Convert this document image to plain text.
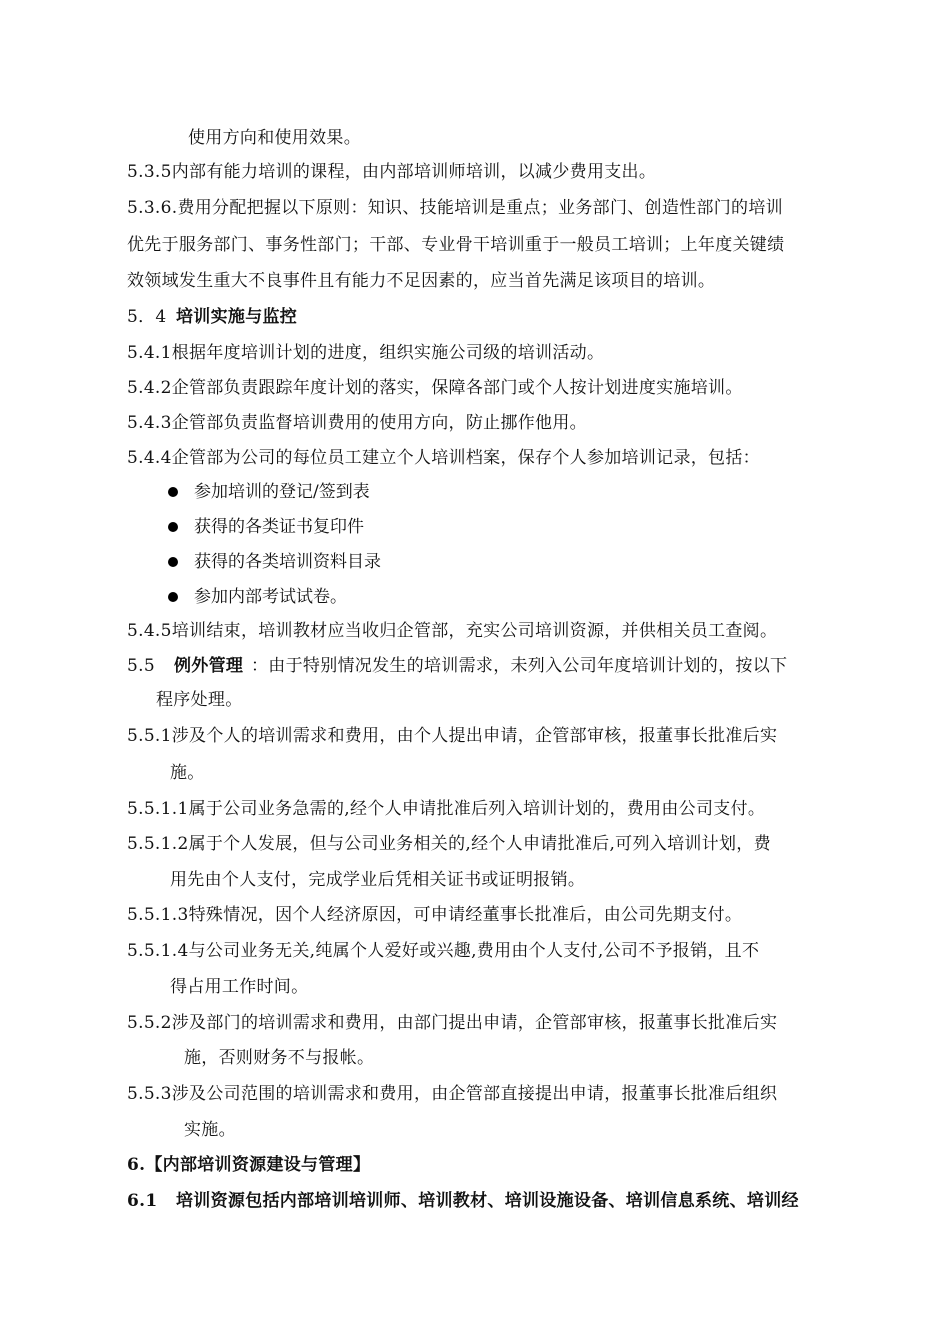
使用方向和使用效果。
5.3.5内部有能力培训的课程，由内部培训师培训，以减少费用支出。
5.3.6.费用分配把握以下原则：知识、技能培训是重点；业务部门、创造性部门的培训
优先于服务部门、事务性部门；干部、专业骨干培训重于一般员工培训；上年度关键绩
效领域发生重大不良事件且有能力不足因素的，应当首先满足该项目的培训。
5．4 培训实施与监控
5.4.1根据年度培训计划的进度，组织实施公司级的培训活动。
5.4.2企管部负责跟踪年度计划的落实，保障各部门或个人按计划进度实施培训。
5.4.3企管部负责监督培训费用的使用方向，防止挪作他用。
5.4.4企管部为公司的每位员工建立个人培训档案，保存个人参加培训记录，包括：
参加培训的登记/签到表
获得的各类证书复印件
获得的各类培训资料目录
参加内部考试试卷。
5.4.5培训结束，培训教材应当收归企管部，充实公司培训资源，并供相关员工查阅。
5.5 例外管理 ：由于特别情况发生的培训需求，未列入公司年度培训计划的，按以下
程序处理。
5.5.1涉及个人的培训需求和费用，由个人提出申请，企管部审核，报董事长批准后实
施。
5.5.1.1属于公司业务急需的,经个人申请批准后列入培训计划的，费用由公司支付。
5.5.1.2属于个人发展，但与公司业务相关的,经个人申请批准后,可列入培训计划，费
用先由个人支付，完成学业后凭相关证书或证明报销。
5.5.1.3特殊情况，因个人经济原因，可申请经董事长批准后，由公司先期支付。
5.5.1.4与公司业务无关,纯属个人爱好或兴趣,费用由个人支付,公司不予报销，且不
得占用工作时间。
5.5.2涉及部门的培训需求和费用，由部门提出申请，企管部审核，报董事长批准后实
施，否则财务不与报帐。
5.5.3涉及公司范围的培训需求和费用，由企管部直接提出申请，报董事长批准后组织
实施。
6.【内部培训资源建设与管理】
6.1 培训资源包括内部培训培训师、培训教材、培训设施设备、培训信息系统、培训经
